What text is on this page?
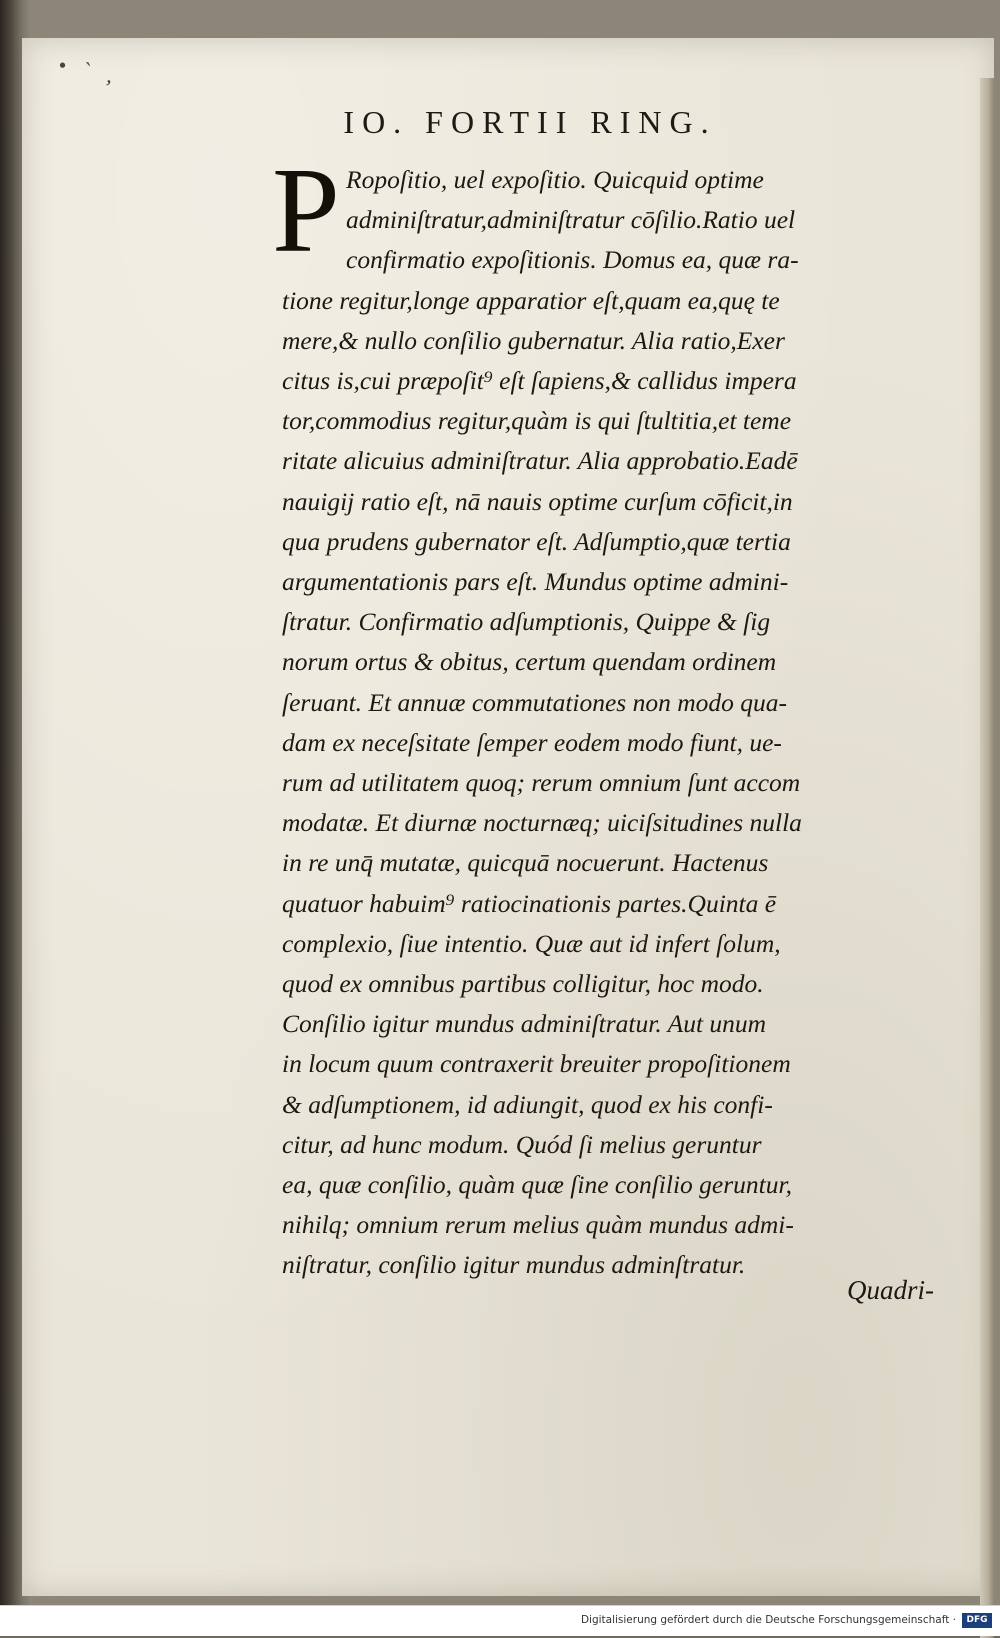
• ` ,
IO. FORTII RING.
P Ropoſitio, uel expoſitio. Quicquid optime
adminiſtratur,adminiſtratur cōſilio.Ratio uel
confirmatio expoſitionis. Domus ea, quæ ra-
tione regitur,longe apparatior eſt,quam ea,quę te
mere,& nullo conſilio gubernatur. Alia ratio,Exer
citus is,cui præpoſit⁹ eſt ſapiens,& callidus impera
tor,commodius regitur,quàm is qui ſtultitia,et teme
ritate alicuius adminiſtratur. Alia approbatio.Eadē
nauigij ratio eſt, nā nauis optime curſum cōficit,in
qua prudens gubernator eſt. Adſumptio,quæ tertia
argumentationis pars eſt. Mundus optime admini-
ſtratur. Confirmatio adſumptionis, Quippe & ſig
norum ortus & obitus, certum quendam ordinem
ſeruant. Et annuæ commutationes non modo qua-
dam ex neceſsitate ſemper eodem modo fiunt, ue-
rum ad utilitatem quoq; rerum omnium ſunt accom
modatæ. Et diurnæ nocturnæq; uiciſsitudines nulla
in re unq̄ mutatæ, quicquā nocuerunt. Hactenus
quatuor habuim⁹ ratiocinationis partes.Quinta ē
complexio, ſiue intentio. Quæ aut id infert ſolum,
quod ex omnibus partibus colligitur, hoc modo.
Conſilio igitur mundus adminiſtratur. Aut unum
in locum quum contraxerit breuiter propoſitionem
& adſumptionem, id adiungit, quod ex his confi-
citur, ad hunc modum. Quód ſi melius geruntur
ea, quæ conſilio, quàm quæ ſine conſilio geruntur,
nihilq; omnium rerum melius quàm mundus admi-
niſtratur, conſilio igitur mundus adminſtratur.
Quadri-
Digitalisierung gefördert durch die Deutsche Forschungsgemeinschaft ·	DFG
